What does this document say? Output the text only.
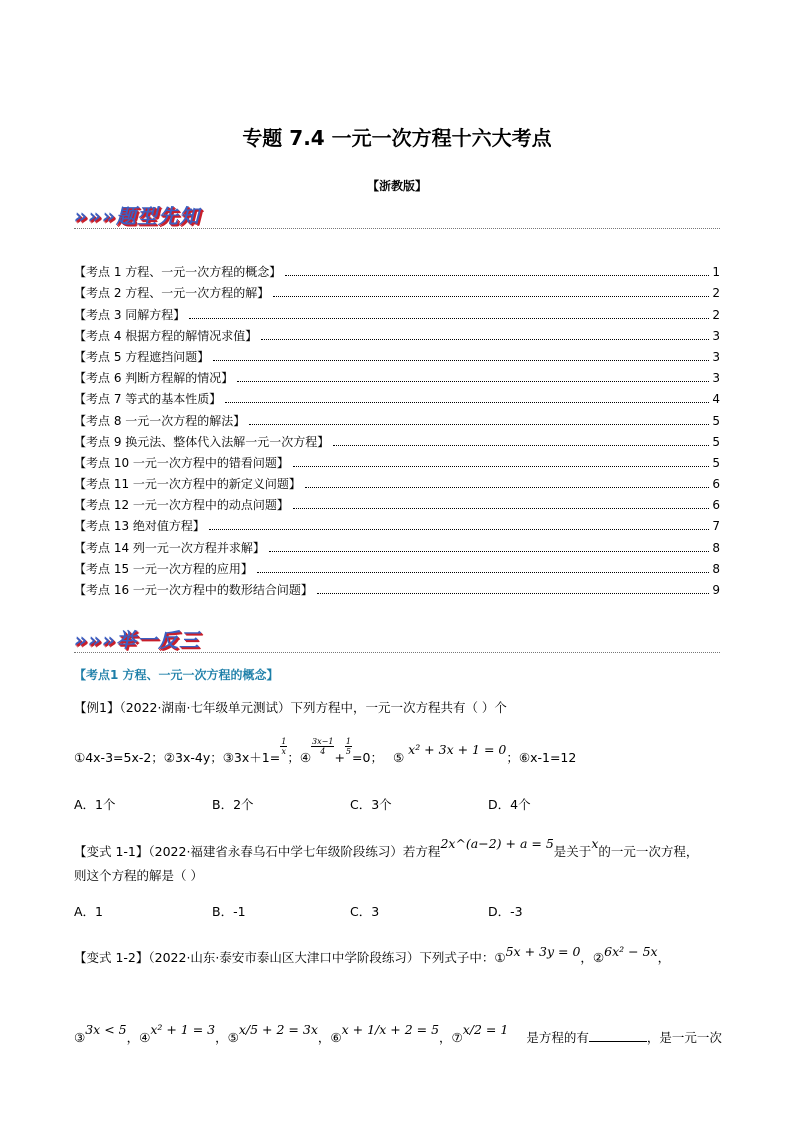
专题 7.4 一元一次方程十六大考点
【浙教版】
»»»题型先知
【考点 1 方程、一元一次方程的概念】	1
【考点 2 方程、一元一次方程的解】	2
【考点 3 同解方程】	2
【考点 4 根据方程的解情况求值】	3
【考点 5 方程遮挡问题】	3
【考点 6 判断方程解的情况】	3
【考点 7 等式的基本性质】	4
【考点 8 一元一次方程的解法】	5
【考点 9 换元法、整体代入法解一元一次方程】	5
【考点 10 一元一次方程中的错看问题】	5
【考点 11 一元一次方程中的新定义问题】	6
【考点 12 一元一次方程中的动点问题】	6
【考点 13 绝对值方程】	7
【考点 14 列一元一次方程并求解】	8
【考点 15 一元一次方程的应用】	8
【考点 16 一元一次方程中的数形结合问题】	9
»»»举一反三
【考点1 方程、一元一次方程的概念】
【例1】（2022·湖南·七年级单元测试）下列方程中，一元一次方程共有（ ）个
①4x-3=5x-2；②3x-4y；③3x＋1=
$\frac{1}{x}$
；④
$\frac{3x-1}{4}$
+
$\frac{1}{5}$
=0； ⑤ x² + 3x + 1 = 0；⑥x-1=12
A．1个	B．2个	C．3个	D．4个
【变式 1-1】（2022·福建省永春乌石中学七年级阶段练习）若方程2x^(a−2) + a = 5是关于x的一元一次方程，
则这个方程的解是（ ）
A．1	B．-1	C．3	D．-3
【变式 1-2】（2022·山东·泰安市泰山区大津口中学阶段练习）下列式子中：①5x + 3y = 0，②6x² − 5x，
③3x < 5，④x² + 1 = 3，⑤x/5 + 2 = 3x，⑥x + 1/x + 2 = 5，⑦x/2 = 1 是方程的有	，是一元一次
